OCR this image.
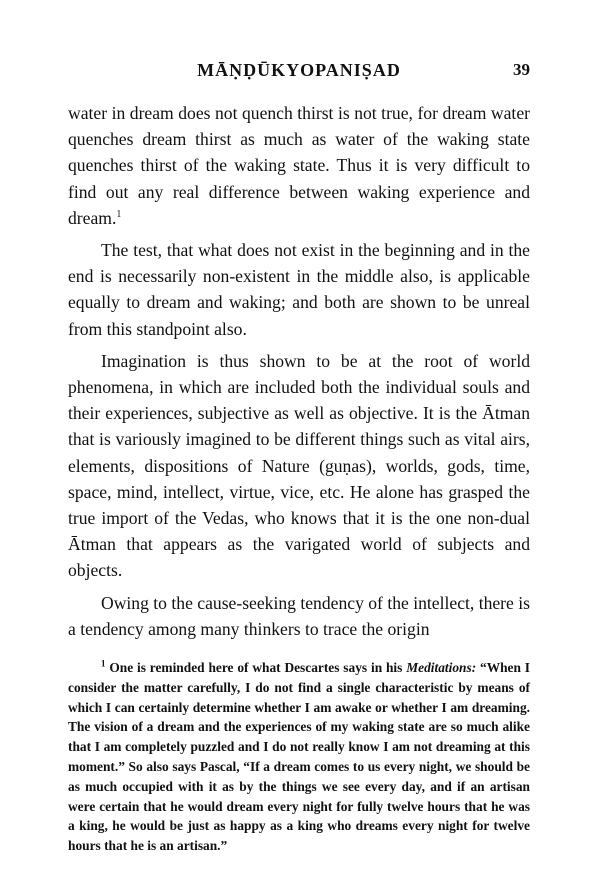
MĀṆḌŪKYOPANIṢAD	39

water in dream does not quench thirst is not true, for dream water quenches dream thirst as much as water of the waking state quenches thirst of the waking state. Thus it is very difficult to find out any real difference between waking experience and dream.$^1$

The test, that what does not exist in the beginning and in the end is necessarily non-existent in the middle also, is applicable equally to dream and waking; and both are shown to be unreal from this standpoint also.

Imagination is thus shown to be at the root of world phenomena, in which are included both the individual souls and their experiences, subjective as well as objective. It is the Ātman that is variously imagined to be different things such as vital airs, elements, dispositions of Nature (guṇas), worlds, gods, time, space, mind, intellect, virtue, vice, etc. He alone has grasped the true import of the Vedas, who knows that it is the one non-dual Ātman that appears as the varigated world of subjects and objects.

Owing to the cause-seeking tendency of the intellect, there is a tendency among many thinkers to trace the origin

$^1$ One is reminded here of what Descartes says in his Meditations: “When I consider the matter carefully, I do not find a single characteristic by means of which I can certainly determine whether I am awake or whether I am dreaming. The vision of a dream and the experiences of my waking state are so much alike that I am completely puzzled and I do not really know I am not dreaming at this moment.” So also says Pascal, “If a dream comes to us every night, we should be as much occupied with it as by the things we see every day, and if an artisan were certain that he would dream every night for fully twelve hours that he was a king, he would be just as happy as a king who dreams every night for twelve hours that he is an artisan.”
